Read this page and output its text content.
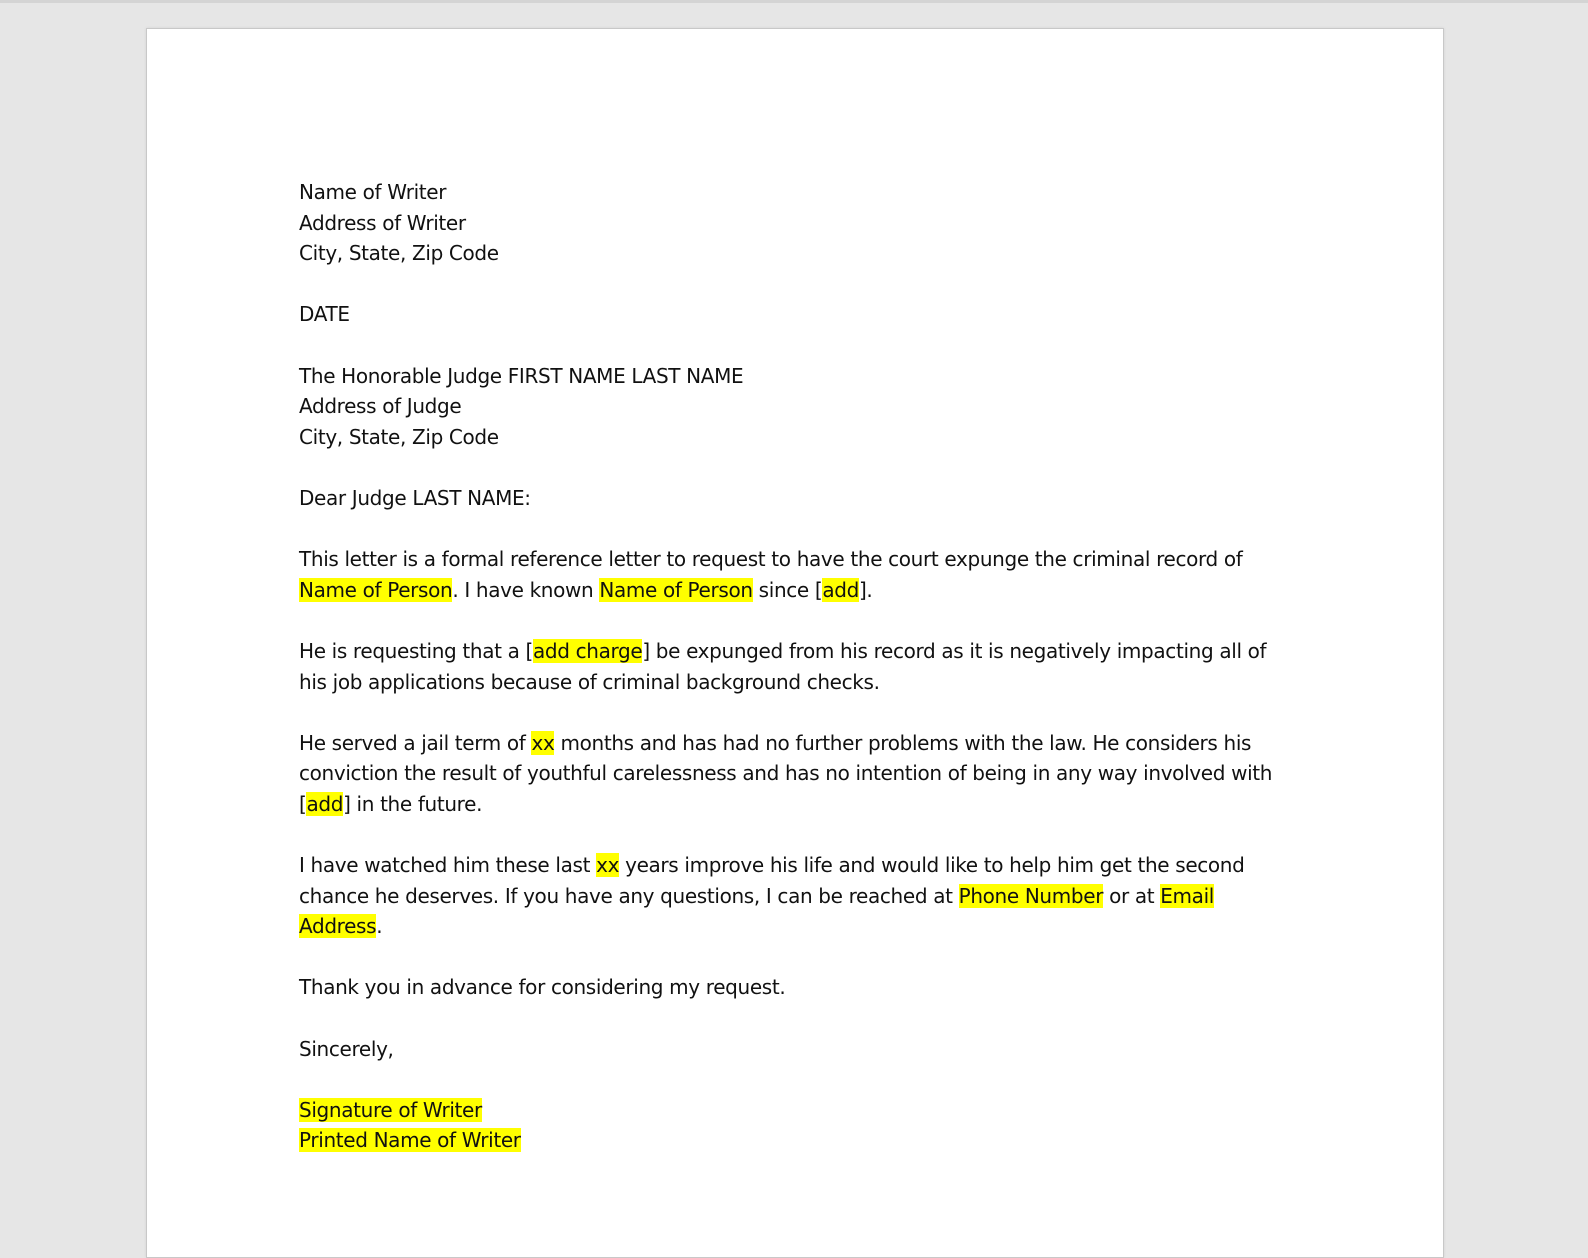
Name of Writer
Address of Writer
City, State, Zip Code

DATE

The Honorable Judge FIRST NAME LAST NAME
Address of Judge
City, State, Zip Code

Dear Judge LAST NAME:

This letter is a formal reference letter to request to have the court expunge the criminal record of Name of Person. I have known Name of Person since [add].

He is requesting that a [add charge] be expunged from his record as it is negatively impacting all of his job applications because of criminal background checks.

He served a jail term of xx months and has had no further problems with the law. He considers his conviction the result of youthful carelessness and has no intention of being in any way involved with [add] in the future.

I have watched him these last xx years improve his life and would like to help him get the second chance he deserves. If you have any questions, I can be reached at Phone Number or at Email Address.

Thank you in advance for considering my request.

Sincerely,

Signature of Writer
Printed Name of Writer
